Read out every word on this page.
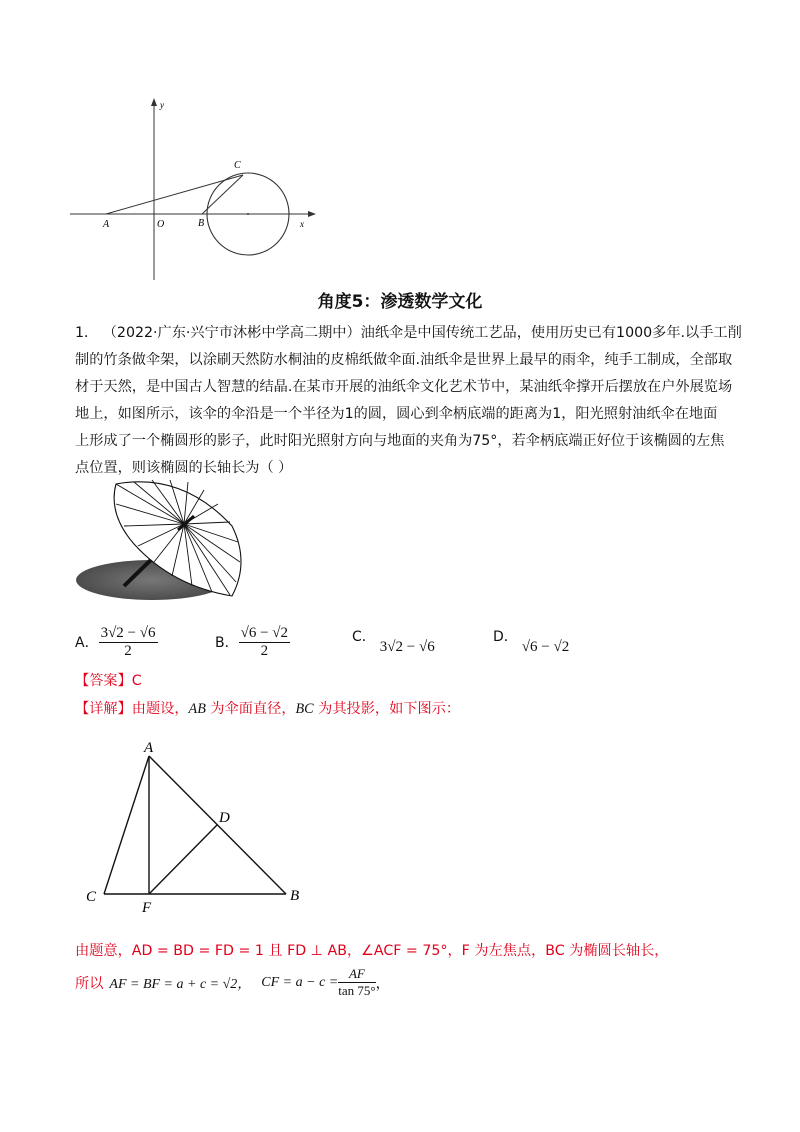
y
x
A	O	B
C
角度5：渗透数学文化

1． （2022·广东·兴宁市沐彬中学高二期中）油纸伞是中国传统工艺品，使用历史已有1000多年.以手工削

制的竹条做伞架，以涂刷天然防水桐油的皮棉纸做伞面.油纸伞是世界上最早的雨伞，纯手工制成，全部取

材于天然，是中国古人智慧的结晶.在某市开展的油纸伞文化艺术节中，某油纸伞撑开后摆放在户外展览场

地上，如图所示，该伞的伞沿是一个半径为1的圆，圆心到伞柄底端的距离为1，阳光照射油纸伞在地面

上形成了一个椭圆形的影子，此时阳光照射方向与地面的夹角为75°，若伞柄底端正好位于该椭圆的左焦

点位置，则该椭圆的长轴长为（ ）

A． $\frac{3√2 - √6}{2}$	B． $\frac{√6 - √2}{2}$	C．
3√2 − √6
D．
√6 − √2
【答案】C
【详解】由题设，AB 为伞面直径，BC 为其投影，如下图示：
A
D
C
F
B
由题意，AD = BD = FD = 1 且 FD ⊥ AB，∠ACF = 75°，F 为左焦点，BC 为椭圆长轴长，
所以 AF = BF = a + c = √2， CF = $a - c = \frac{AF}{\tan 75^\circ}$ ，
